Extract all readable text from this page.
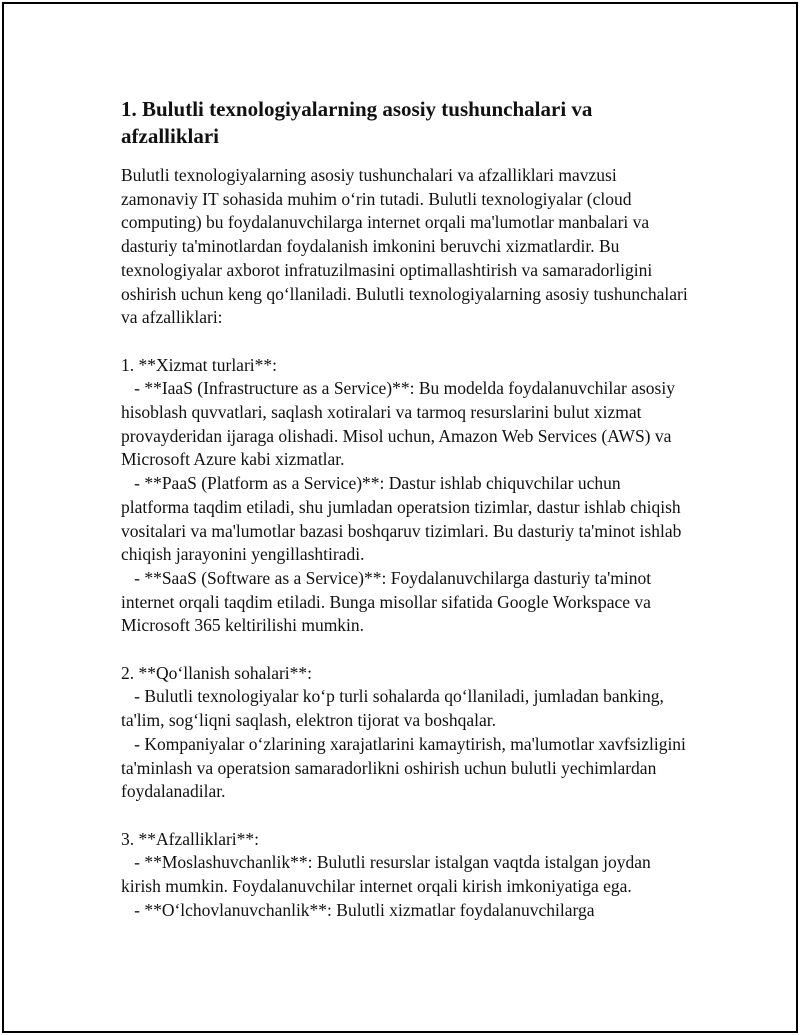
1. Bulutli texnologiyalarning asosiy tushunchalari va afzalliklari

Bulutli texnologiyalarning asosiy tushunchalari va afzalliklari mavzusi zamonaviy IT sohasida muhim o‘rin tutadi. Bulutli texnologiyalar (cloud computing) bu foydalanuvchilarga internet orqali ma'lumotlar manbalari va dasturiy ta'minotlardan foydalanish imkonini beruvchi xizmatlardir. Bu texnologiyalar axborot infratuzilmasini optimallashtirish va samaradorligini oshirish uchun keng qo‘llaniladi. Bulutli texnologiyalarning asosiy tushunchalari va afzalliklari:

1. **Xizmat turlari**:
- **IaaS (Infrastructure as a Service)**: Bu modelda foydalanuvchilar asosiy hisoblash quvvatlari, saqlash xotiralari va tarmoq resurslarini bulut xizmat provayderidan ijaraga olishadi. Misol uchun, Amazon Web Services (AWS) va Microsoft Azure kabi xizmatlar.
- **PaaS (Platform as a Service)**: Dastur ishlab chiquvchilar uchun platforma taqdim etiladi, shu jumladan operatsion tizimlar, dastur ishlab chiqish vositalari va ma'lumotlar bazasi boshqaruv tizimlari. Bu dasturiy ta'minot ishlab chiqish jarayonini yengillashtiradi.
- **SaaS (Software as a Service)**: Foydalanuvchilarga dasturiy ta'minot internet orqali taqdim etiladi. Bunga misollar sifatida Google Workspace va Microsoft 365 keltirilishi mumkin.

2. **Qo‘llanish sohalari**:
- Bulutli texnologiyalar ko‘p turli sohalarda qo‘llaniladi, jumladan banking, ta'lim, sog‘liqni saqlash, elektron tijorat va boshqalar.
- Kompaniyalar o‘zlarining xarajatlarini kamaytirish, ma'lumotlar xavfsizligini ta'minlash va operatsion samaradorlikni oshirish uchun bulutli yechimlardan foydalanadilar.

3. **Afzalliklari**:
- **Moslashuvchanlik**: Bulutli resurslar istalgan vaqtda istalgan joydan kirish mumkin. Foydalanuvchilar internet orqali kirish imkoniyatiga ega.
- **O‘lchovlanuvchanlik**: Bulutli xizmatlar foydalanuvchilarga
